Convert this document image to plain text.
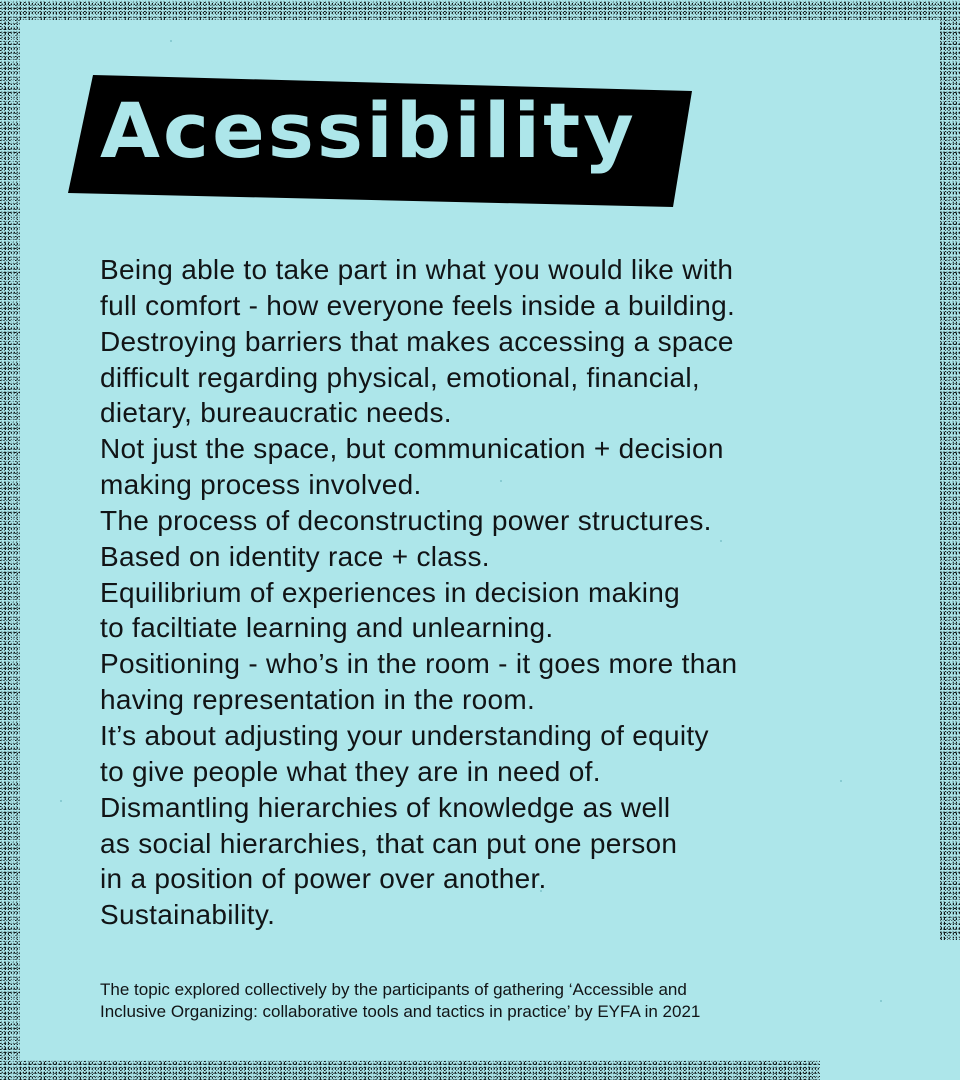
Acessibility
Being able to take part in what you would like with
full comfort - how everyone feels inside a building.
Destroying barriers that makes accessing a space
difficult regarding physical, emotional, financial,
dietary, bureaucratic needs.
Not just the space, but communication + decision
making process involved.
The process of deconstructing power structures.
Based on identity race + class.
Equilibrium of experiences in decision making
to faciltiate learning and unlearning.
Positioning - who’s in the room - it goes more than
having representation in the room.
It’s about adjusting your understanding of equity
to give people what they are in need of.
Dismantling hierarchies of knowledge as well
as social hierarchies, that can put one person
in a position of power over another.
Sustainability.
The topic explored collectively by the participants of gathering ‘Accessible and
Inclusive Organizing: collaborative tools and tactics in practice’ by EYFA in 2021
